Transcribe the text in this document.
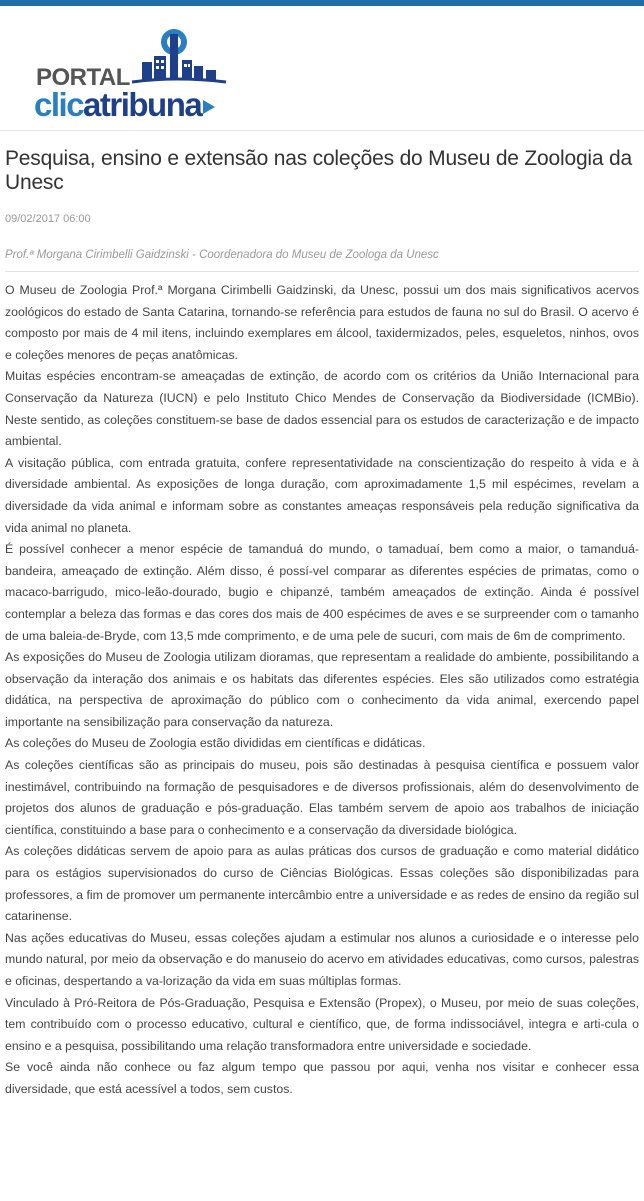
PORTAL
clicatribuna
Pesquisa, ensino e extensão nas coleções do Museu de Zoologia da Unesc
09/02/2017 06:00
Prof.ª Morgana Cirimbelli Gaidzinski - Coordenadora do Museu de Zoologa da Unesc

O Museu de Zoologia Prof.ª Morgana Cirimbelli Gaidzinski, da Unesc, possui um dos mais significativos acervos zoológicos do estado de Santa Catarina, tornando-se referência para estudos de fauna no sul do Brasil. O acervo é composto por mais de 4 mil itens, incluindo exemplares em álcool, taxidermizados, peles, esqueletos, ninhos, ovos e coleções menores de peças anatômicas.

Muitas espécies encontram-se ameaçadas de extinção, de acordo com os critérios da União Internacional para Conservação da Natureza (IUCN) e pelo Instituto Chico Mendes de Conservação da Biodiversidade (ICMBio). Neste sentido, as coleções constituem-se base de dados essencial para os estudos de caracterização e de impacto ambiental.

A visitação pública, com entrada gratuita, confere representatividade na conscientização do respeito à vida e à diversidade ambiental. As exposições de longa duração, com aproximadamente 1,5 mil espécimes, revelam a diversidade da vida animal e informam sobre as constantes ameaças responsáveis pela redução significativa da vida animal no planeta.

É possível conhecer a menor espécie de tamanduá do mundo, o tamaduaí, bem como a maior, o tamanduá-bandeira, ameaçado de extinção. Além disso, é possí-vel comparar as diferentes espécies de primatas, como o macaco-barrigudo, mico-leão-dourado, bugio e chipanzé, também ameaçados de extinção. Ainda é possível contemplar a beleza das formas e das cores dos mais de 400 espécimes de aves e se surpreender com o tamanho de uma baleia-de-Bryde, com 13,5 mde comprimento, e de uma pele de sucuri, com mais de 6m de comprimento.

As exposições do Museu de Zoologia utilizam dioramas, que representam a realidade do ambiente, possibilitando a observação da interação dos animais e os habitats das diferentes espécies. Eles são utilizados como estratégia didática, na perspectiva de aproximação do público com o conhecimento da vida animal, exercendo papel importante na sensibilização para conservação da natureza.

As coleções do Museu de Zoologia estão divididas em científicas e didáticas.

As coleções científicas são as principais do museu, pois são destinadas à pesquisa científica e possuem valor inestimável, contribuindo na formação de pesquisadores e de diversos profissionais, além do desenvolvimento de projetos dos alunos de graduação e pós-graduação. Elas também servem de apoio aos trabalhos de iniciação científica, constituindo a base para o conhecimento e a conservação da diversidade biológica.

As coleções didáticas servem de apoio para as aulas práticas dos cursos de graduação e como material didático para os estágios supervisionados do curso de Ciências Biológicas. Essas coleções são disponibilizadas para professores, a fim de promover um permanente intercâmbio entre a universidade e as redes de ensino da região sul catarinense.

Nas ações educativas do Museu, essas coleções ajudam a estimular nos alunos a curiosidade e o interesse pelo mundo natural, por meio da observação e do manuseio do acervo em atividades educativas, como cursos, palestras e oficinas, despertando a va-lorização da vida em suas múltiplas formas.

Vinculado à Pró-Reitora de Pós-Graduação, Pesquisa e Extensão (Propex), o Museu, por meio de suas coleções, tem contribuído com o processo educativo, cultural e científico, que, de forma indissociável, integra e arti-cula o ensino e a pesquisa, possibilitando uma relação transformadora entre universidade e sociedade.

Se você ainda não conhece ou faz algum tempo que passou por aqui, venha nos visitar e conhecer essa diversidade, que está acessível a todos, sem custos.
